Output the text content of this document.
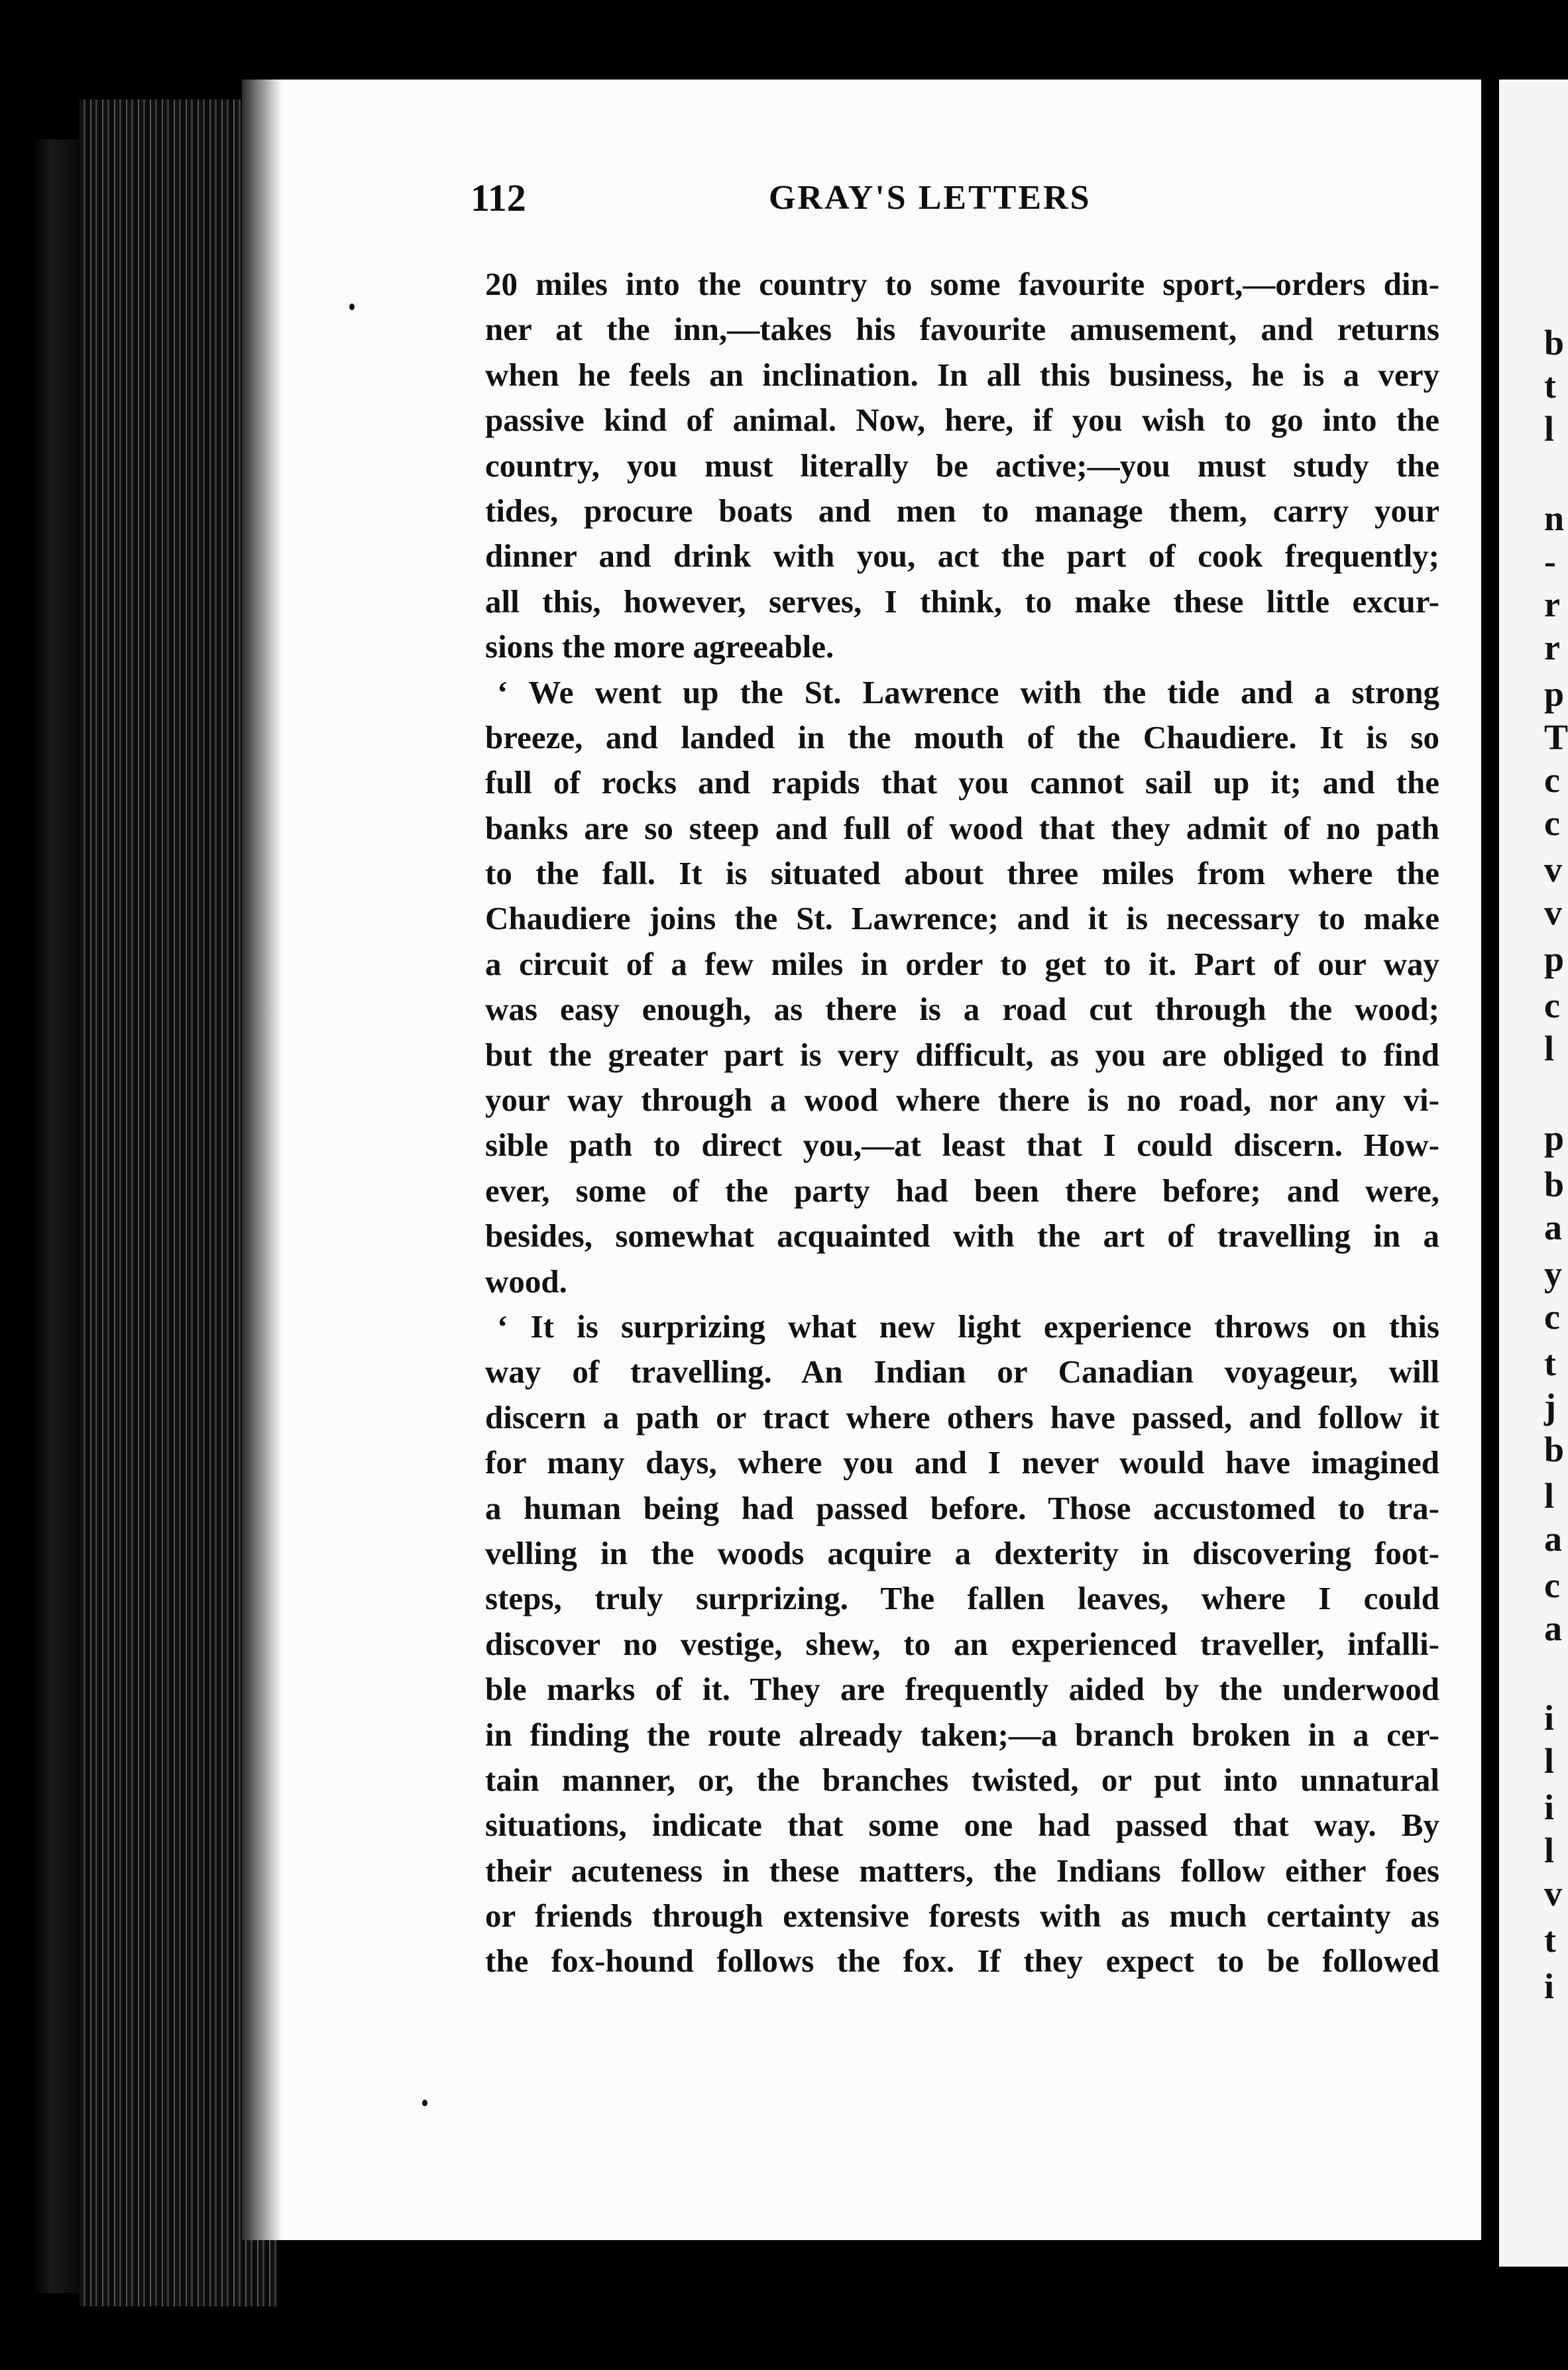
b
t
l
n
-
r
r
p
T
c
c
v
v
p
c
l
p
b
a
y
c
t
j
b
l
a
c
a
i
l
i
l
v
t
i
112	GRAY'S LETTERS
20 miles into the country to some favourite sport,—orders din-
ner at the inn,—takes his favourite amusement, and returns
when he feels an inclination. In all this business, he is a very
passive kind of animal. Now, here, if you wish to go into the
country, you must literally be active;—you must study the
tides, procure boats and men to manage them, carry your
dinner and drink with you, act the part of cook frequently;
all this, however, serves, I think, to make these little excur-
sions the more agreeable.
‘ We went up the St. Lawrence with the tide and a strong
breeze, and landed in the mouth of the Chaudiere. It is so
full of rocks and rapids that you cannot sail up it; and the
banks are so steep and full of wood that they admit of no path
to the fall. It is situated about three miles from where the
Chaudiere joins the St. Lawrence; and it is necessary to make
a circuit of a few miles in order to get to it. Part of our way
was easy enough, as there is a road cut through the wood;
but the greater part is very difficult, as you are obliged to find
your way through a wood where there is no road, nor any vi-
sible path to direct you,—at least that I could discern. How-
ever, some of the party had been there before; and were,
besides, somewhat acquainted with the art of travelling in a
wood.
‘ It is surprizing what new light experience throws on this
way of travelling. An Indian or Canadian voyageur, will
discern a path or tract where others have passed, and follow it
for many days, where you and I never would have imagined
a human being had passed before. Those accustomed to tra-
velling in the woods acquire a dexterity in discovering foot-
steps, truly surprizing. The fallen leaves, where I could
discover no vestige, shew, to an experienced traveller, infalli-
ble marks of it. They are frequently aided by the underwood
in finding the route already taken;—a branch broken in a cer-
tain manner, or, the branches twisted, or put into unnatural
situations, indicate that some one had passed that way. By
their acuteness in these matters, the Indians follow either foes
or friends through extensive forests with as much certainty as
the fox-hound follows the fox. If they expect to be followed
